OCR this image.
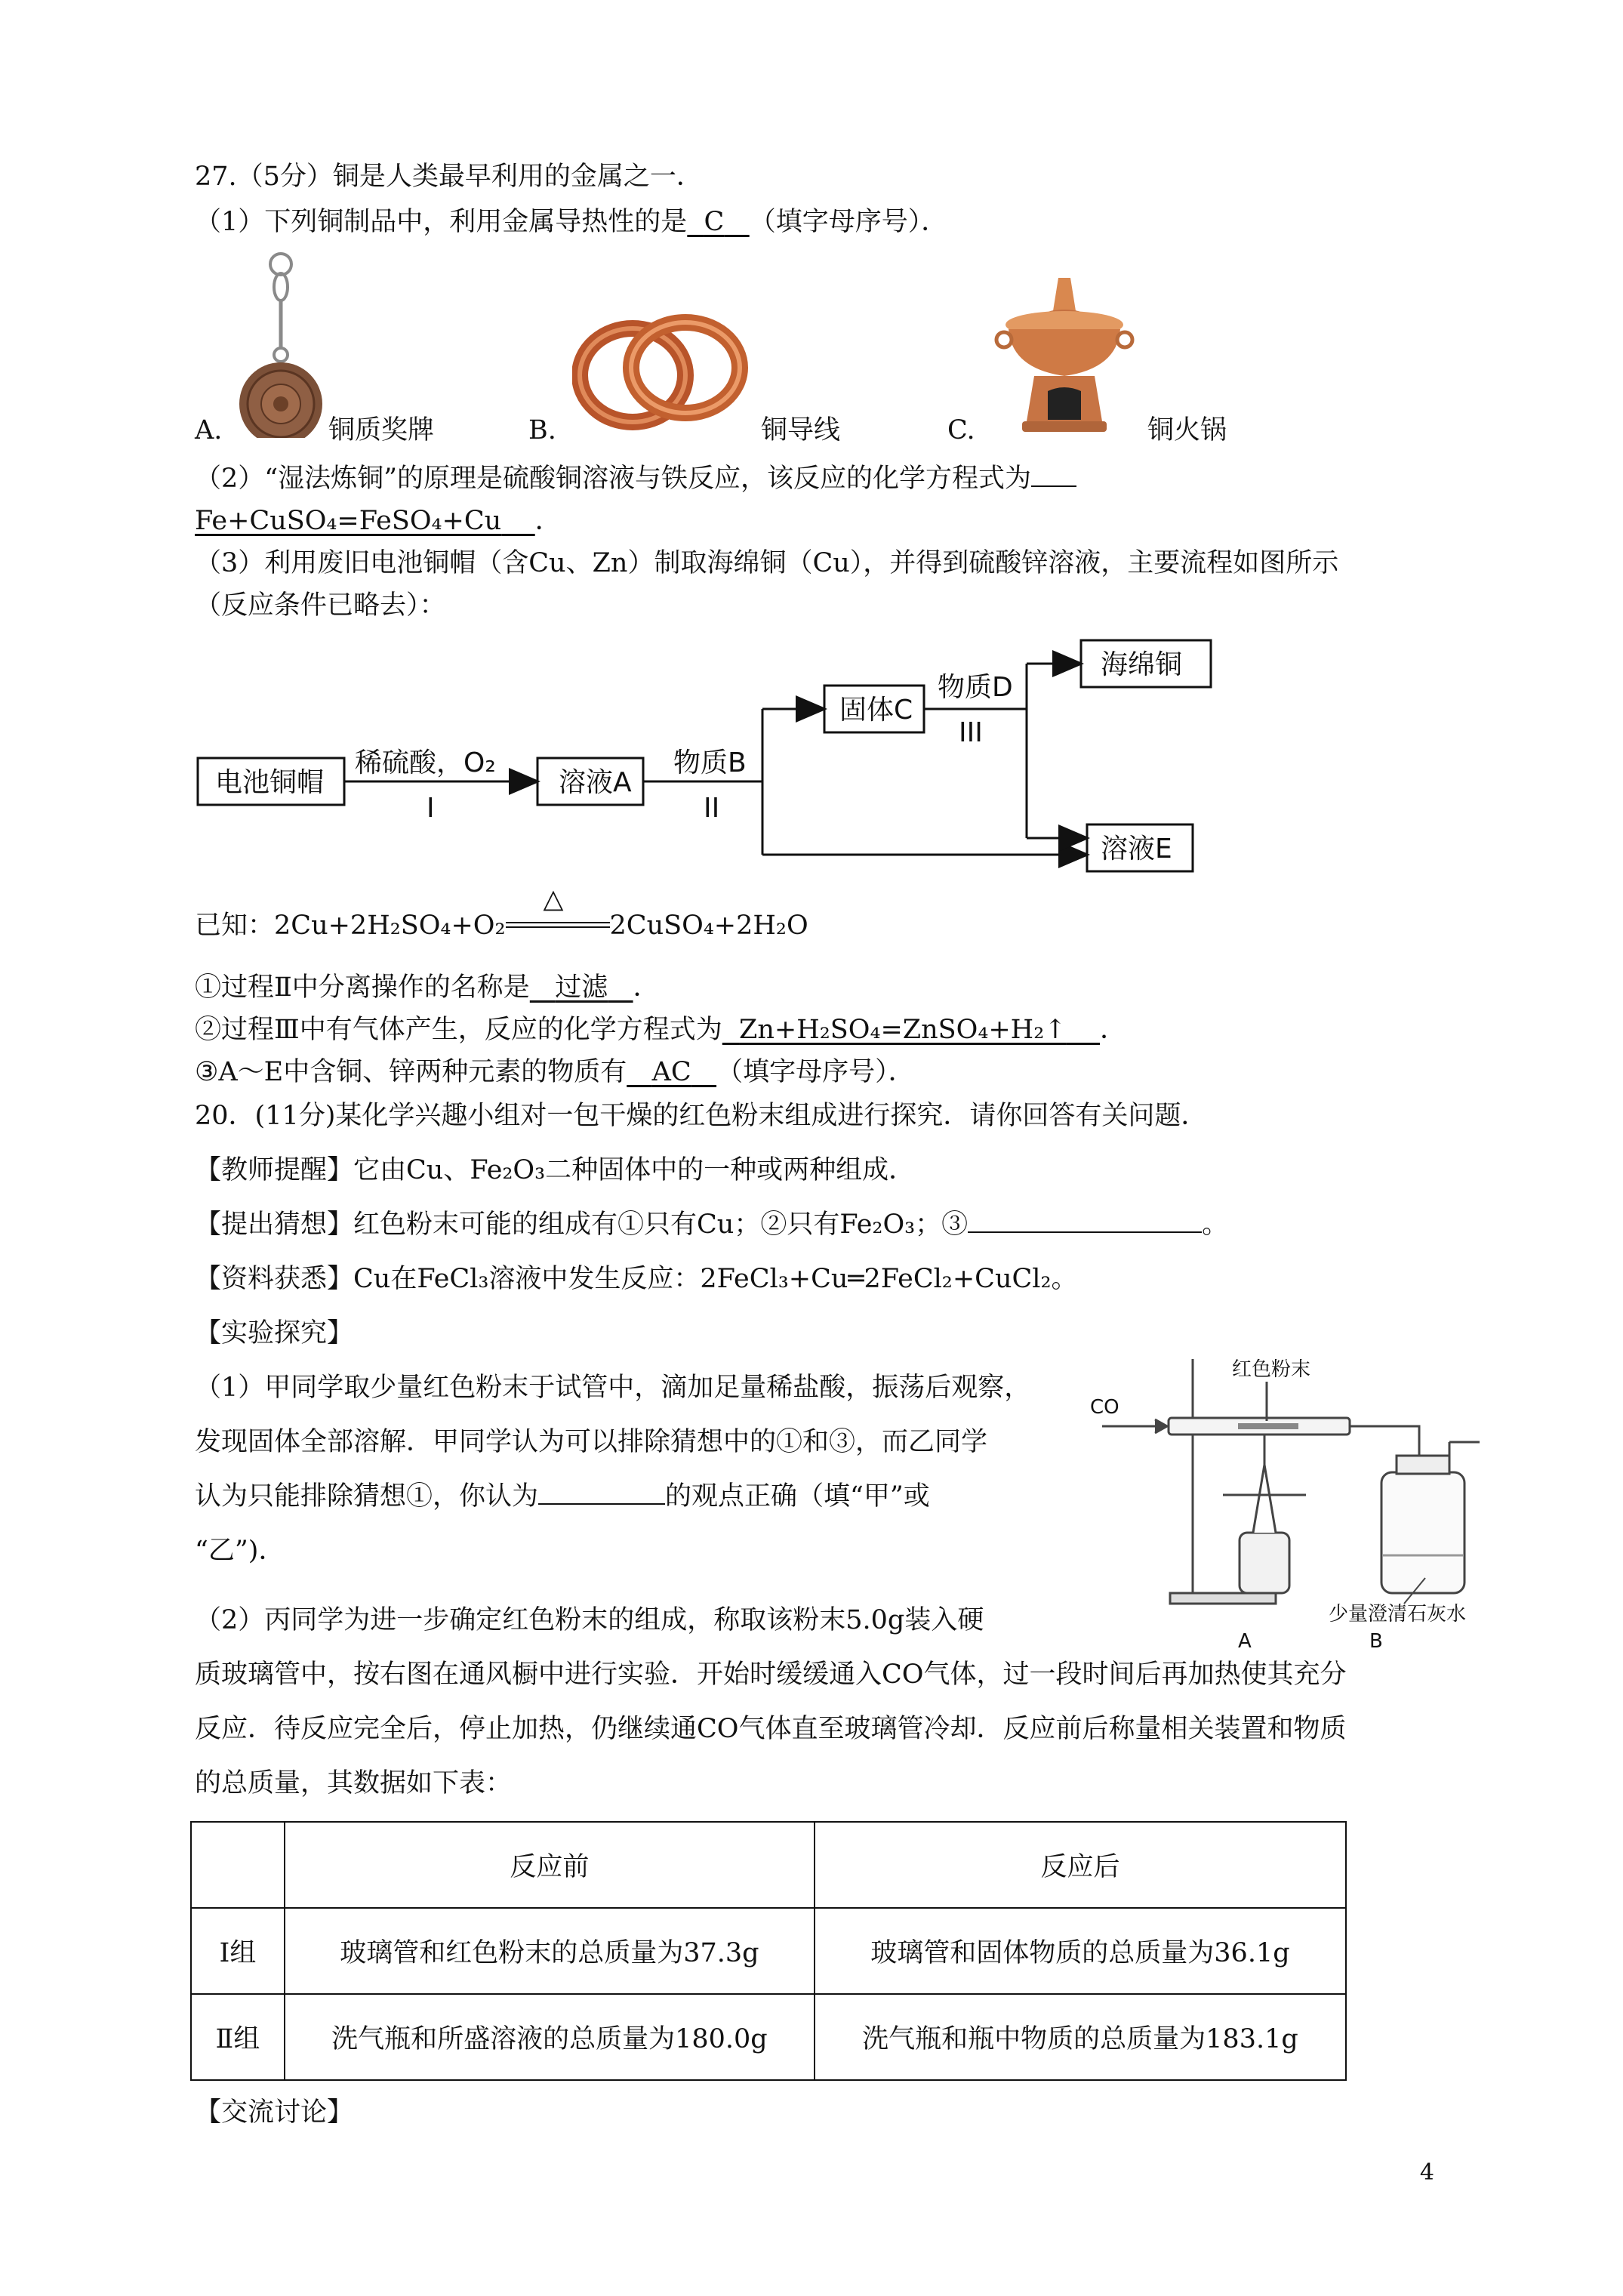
27.（5分）铜是人类最早利用的金属之一．
（1）下列铜制品中，利用金属导热性的是 C （填字母序号）．
A.	铜质奖牌	B.	铜导线	C.	铜火锅
（2）“湿法炼铜”的原理是硫酸铜溶液与铁反应，该反应的化学方程式为
Fe+CuSO₄=FeSO₄+Cu ．
（3）利用废旧电池铜帽（含Cu、Zn）制取海绵铜（Cu），并得到硫酸锌溶液，主要流程如图所示
（反应条件已略去）：
电池铜帽	溶液A
固体C
海绵铜
溶液E
稀硫酸，O₂
I
物质B
II
物质D
III
已知：2Cu+2H₂SO₄+O₂
△
2CuSO₄+2H₂O
①过程Ⅱ中分离操作的名称是 过滤 ．
②过程Ⅲ中有气体产生，反应的化学方程式为 Zn+H₂SO₄=ZnSO₄+H₂↑ ．
③A～E中含铜、锌两种元素的物质有 AC （填字母序号）．
20．(11分)某化学兴趣小组对一包干燥的红色粉末组成进行探究．请你回答有关问题．
【教师提醒】它由Cu、Fe₂O₃二种固体中的一种或两种组成．
【提出猜想】红色粉末可能的组成有①只有Cu；②只有Fe₂O₃；③	。
【资料获悉】Cu在FeCl₃溶液中发生反应：2FeCl₃+Cu═2FeCl₂+CuCl₂。
【实验探究】
（1）甲同学取少量红色粉末于试管中，滴加足量稀盐酸，振荡后观察，
发现固体全部溶解．甲同学认为可以排除猜想中的①和③，而乙同学
认为只能排除猜想①，你认为	的观点正确（填“甲”或
“乙”)．
（2）丙同学为进一步确定红色粉末的组成，称取该粉末5.0g装入硬
质玻璃管中，按右图在通风橱中进行实验．开始时缓缓通入CO气体，过一段时间后再加热使其充分
反应．待反应完全后，停止加热，仍继续通CO气体直至玻璃管冷却．反应前后称量相关装置和物质
的总质量，其数据如下表：
CO
红色粉末
少量澄清石灰水
A	B
	反应前	反应后
Ⅰ组	玻璃管和红色粉末的总质量为37.3g	玻璃管和固体物质的总质量为36.1g
Ⅱ组	洗气瓶和所盛溶液的总质量为180.0g	洗气瓶和瓶中物质的总质量为183.1g
【交流讨论】
4
